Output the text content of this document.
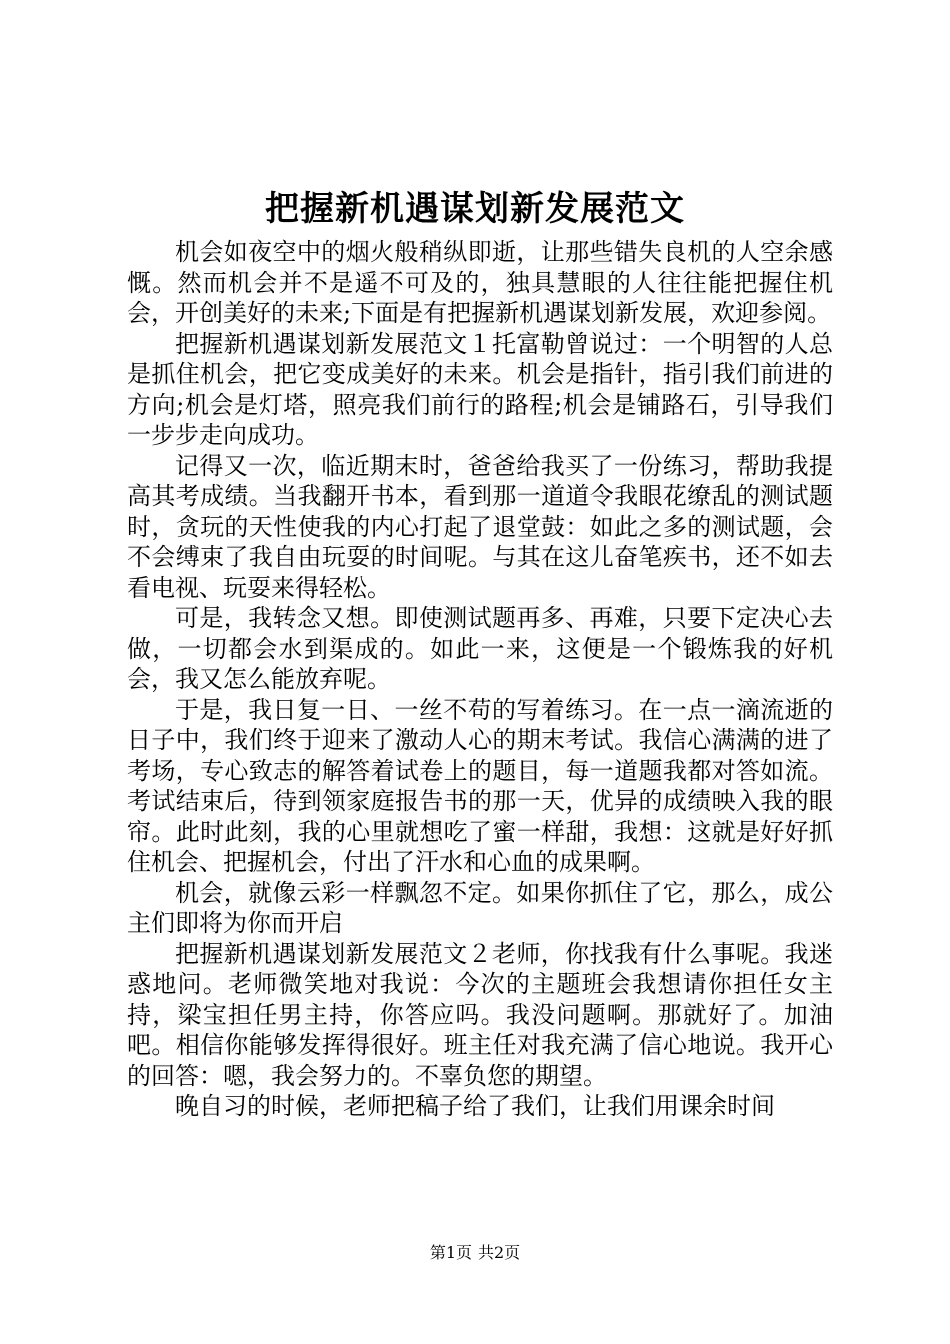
把握新机遇谋划新发展范文

机会如夜空中的烟火般稍纵即逝，让那些错失良机的人空余感慨。然而机会并不是遥不可及的，独具慧眼的人往往能把握住机会，开创美好的未来;下面是有把握新机遇谋划新发展，欢迎参阅。

把握新机遇谋划新发展范文１托富勒曾说过：一个明智的人总是抓住机会，把它变成美好的未来。机会是指针，指引我们前进的方向;机会是灯塔，照亮我们前行的路程;机会是铺路石，引导我们一步步走向成功。

记得又一次，临近期末时，爸爸给我买了一份练习，帮助我提高其考成绩。当我翻开书本，看到那一道道令我眼花缭乱的测试题时，贪玩的天性使我的内心打起了退堂鼓：如此之多的测试题，会不会缚束了我自由玩耍的时间呢。与其在这儿奋笔疾书，还不如去看电视、玩耍来得轻松。

可是，我转念又想。即使测试题再多、再难，只要下定决心去做，一切都会水到渠成的。如此一来，这便是一个锻炼我的好机会，我又怎么能放弃呢。

于是，我日复一日、一丝不苟的写着练习。在一点一滴流逝的日子中，我们终于迎来了激动人心的期末考试。我信心满满的进了考场，专心致志的解答着试卷上的题目，每一道题我都对答如流。考试结束后，待到领家庭报告书的那一天，优异的成绩映入我的眼帘。此时此刻，我的心里就想吃了蜜一样甜，我想：这就是好好抓住机会、把握机会，付出了汗水和心血的成果啊。

机会，就像云彩一样飘忽不定。如果你抓住了它，那么，成公主们即将为你而开启

把握新机遇谋划新发展范文２老师，你找我有什么事呢。我迷惑地问。老师微笑地对我说：今次的主题班会我想请你担任女主持，梁宝担任男主持，你答应吗。我没问题啊。那就好了。加油吧。相信你能够发挥得很好。班主任对我充满了信心地说。我开心的回答：嗯，我会努力的。不辜负您的期望。

晚自习的时候，老师把稿子给了我们，让我们用课余时间

第1页 共2页
